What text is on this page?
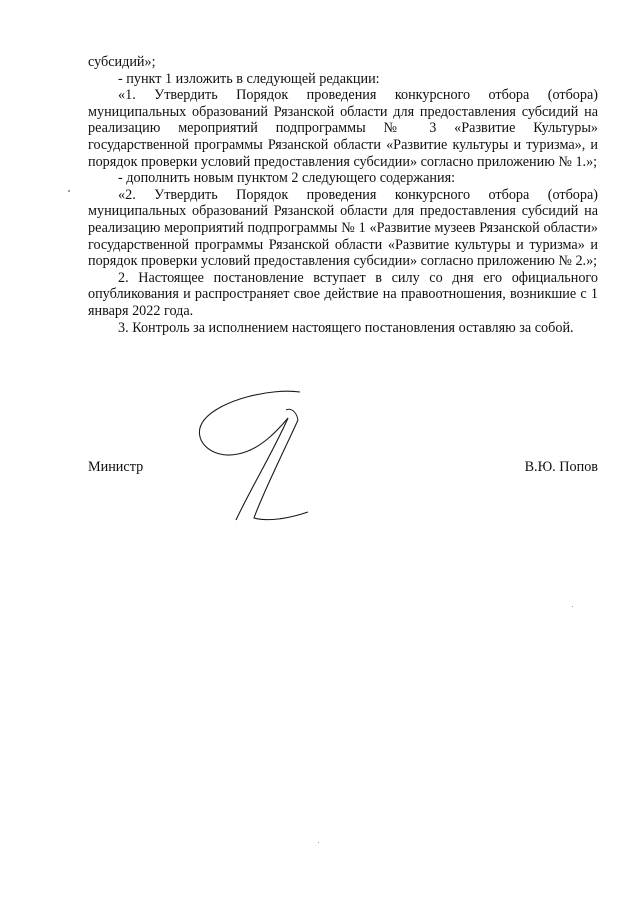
субсидий»;

- пункт 1 изложить в следующей редакции:

«1. Утвердить Порядок проведения конкурсного отбора (отбора) муниципальных образований Рязанской области для предоставления субсидий на реализацию мероприятий подпрограммы № 3 «Развитие Культуры» государственной программы Рязанской области «Развитие культуры и туризма», и порядок проверки условий предоставления субсидии» согласно приложению № 1.»;

- дополнить новым пунктом 2 следующего содержания:

«2. Утвердить Порядок проведения конкурсного отбора (отбора) муниципальных образований Рязанской области для предоставления субсидий на реализацию мероприятий подпрограммы № 1 «Развитие музеев Рязанской области» государственной программы Рязанской области «Развитие культуры и туризма» и порядок проверки условий предоставления субсидии» согласно приложению № 2.»;

2. Настоящее постановление вступает в силу со дня его официального опубликования и распространяет свое действие на правоотношения, возникшие с 1 января 2022 года.

3. Контроль за исполнением настоящего постановления оставляю за собой.

Министр	В.Ю. Попов
